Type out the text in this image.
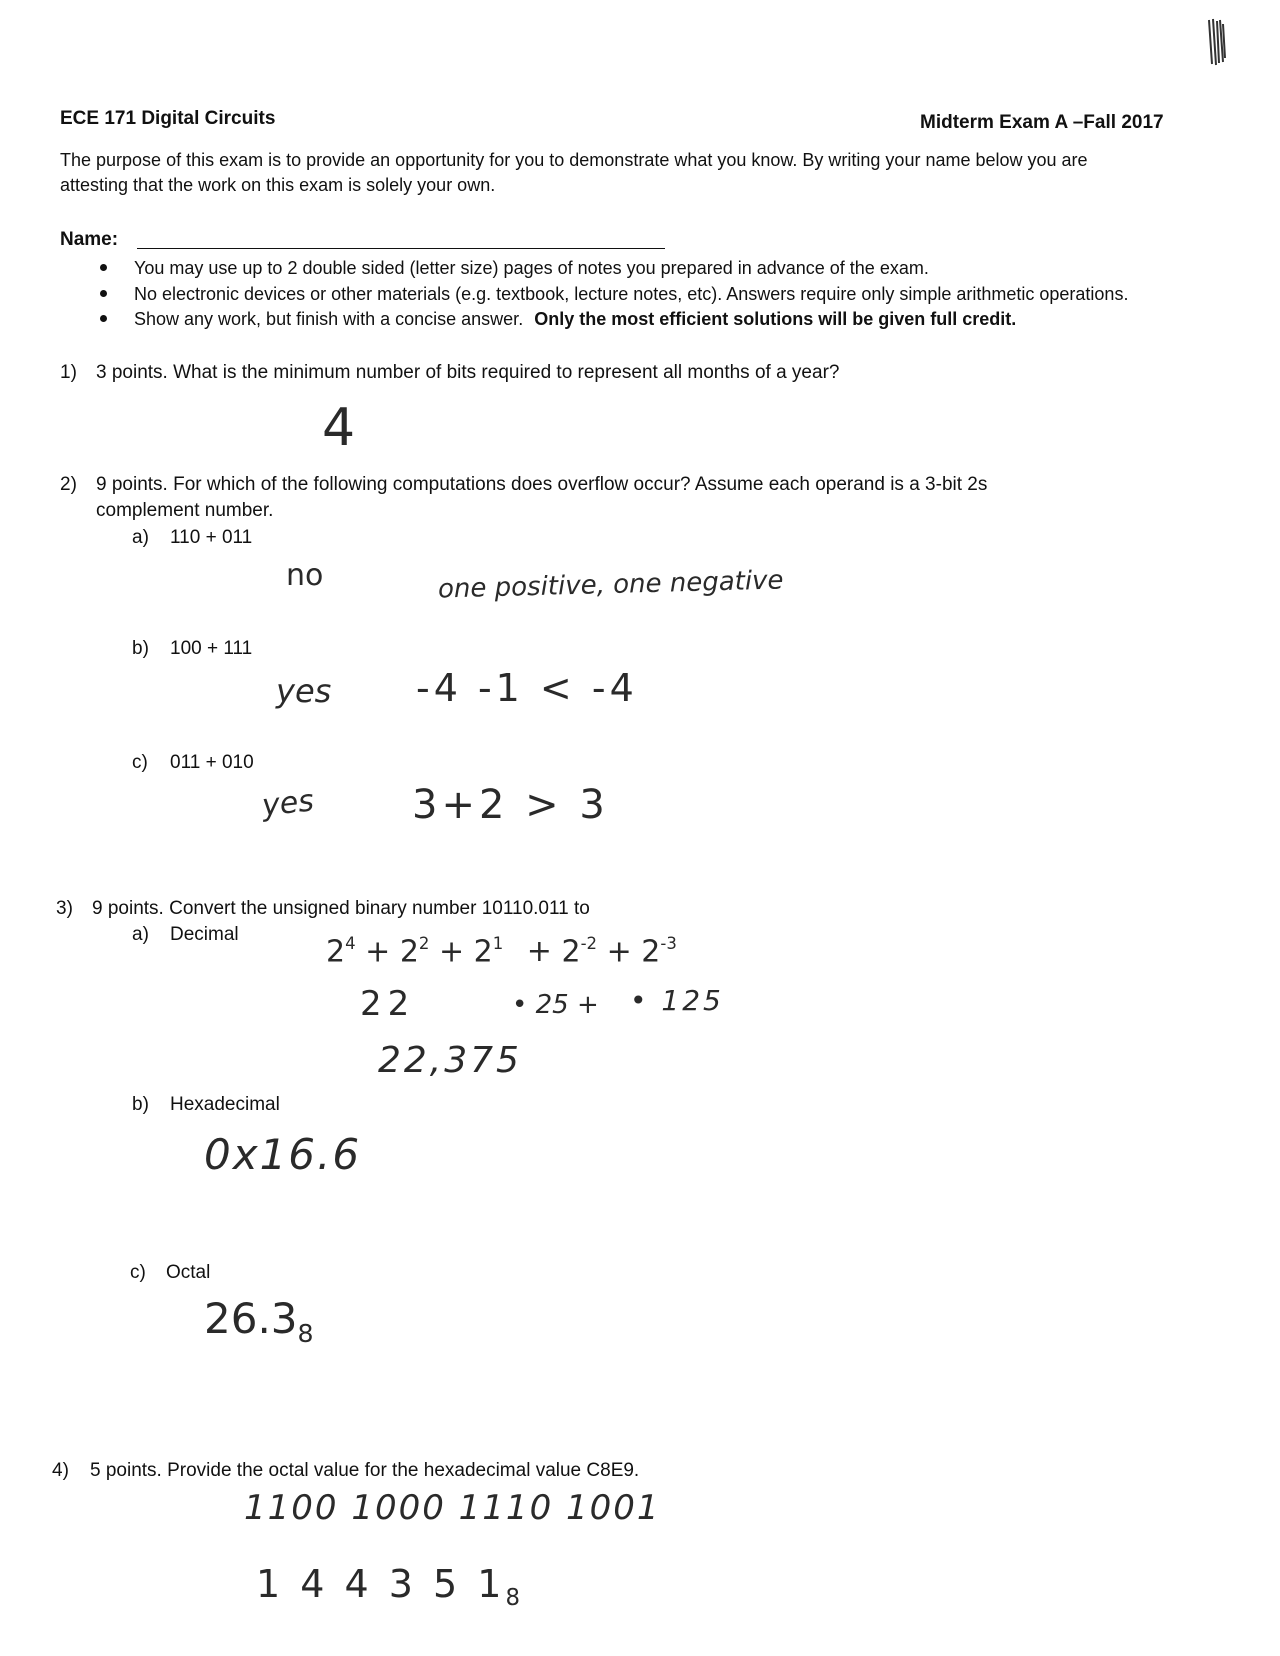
ECE 171 Digital Circuits	Midterm Exam A –Fall 2017
The purpose of this exam is to provide an opportunity for you to demonstrate what you know. By writing your name below you are
attesting that the work on this exam is solely your own.
Name:
You may use up to 2 double sided (letter size) pages of notes you prepared in advance of the exam.
No electronic devices or other materials (e.g. textbook, lecture notes, etc). Answers require only simple arithmetic operations.
Show any work, but finish with a concise answer. Only the most efficient solutions will be given full credit.
1) 3 points. What is the minimum number of bits required to represent all months of a year?
4
2) 9 points. For which of the following computations does overflow occur? Assume each operand is a 3-bit 2s
complement number.
a) 110 + 011
no	one positive, one negative
b) 100 + 111
yes -4 -1 < -4
c) 011 + 010
yes 3+2 > 3
3) 9 points. Convert the unsigned binary number 10110.011 to
a) Decimal	$2^4 + 2^2 + 2^1 + 2^{-2} + 2^{-3}$
22	• 25 + • 125
22,375
b) Hexadecimal
0x16.6
c) Octal
$26.3_8$
4) 5 points. Provide the octal value for the hexadecimal value C8E9.
1100 1000 1110 1001
1 4 4 3 5 $1_8$
